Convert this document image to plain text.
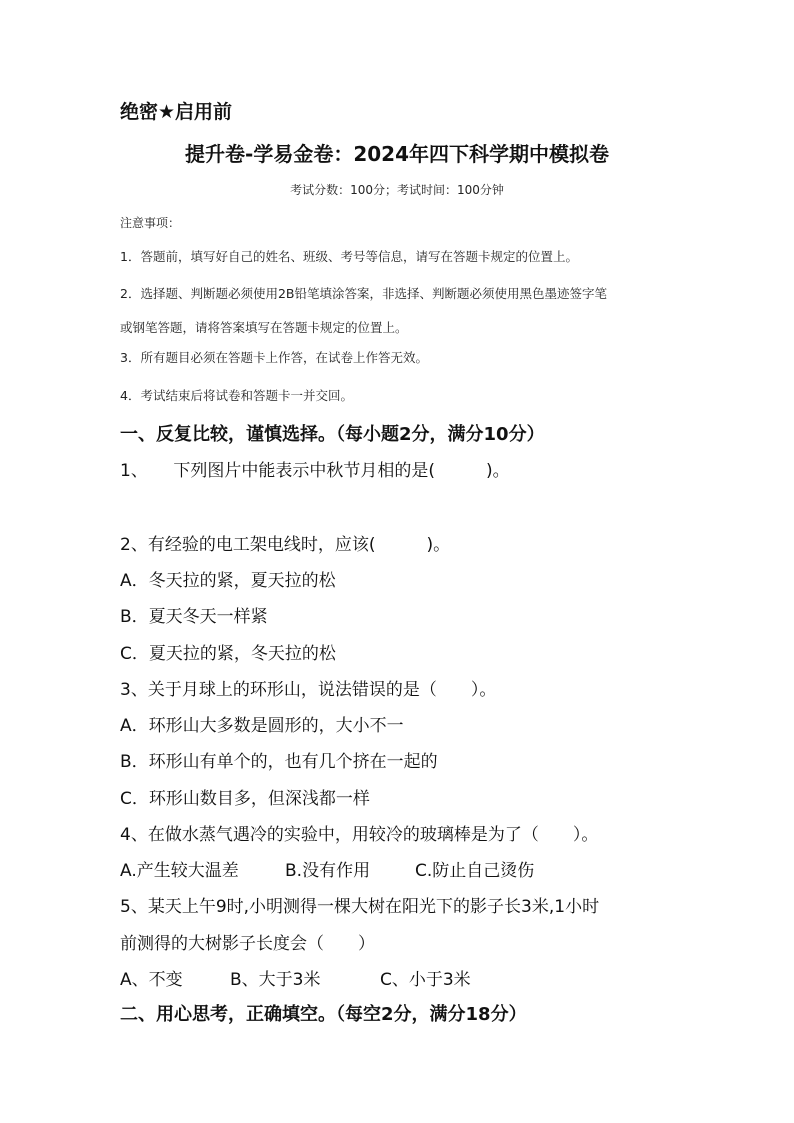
绝密★启用前
提升卷-学易金卷：2024年四下科学期中模拟卷
考试分数：100分；考试时间：100分钟
注意事项：
1．答题前，填写好自己的姓名、班级、考号等信息，请写在答题卡规定的位置上。
2．选择题、判断题必须使用2B铅笔填涂答案，非选择、判断题必须使用黑色墨迹签字笔
或钢笔答题，请将答案填写在答题卡规定的位置上。
3．所有题目必须在答题卡上作答，在试卷上作答无效。
4．考试结束后将试卷和答题卡一并交回。
一、反复比较，谨慎选择。（每小题2分，满分10分）
1、　　下列图片中能表示中秋节月相的是(　　　)。
2、有经验的电工架电线时，应该(　　　)。
A．冬天拉的紧，夏天拉的松
B．夏天冬天一样紧
C．夏天拉的紧，冬天拉的松
3、关于月球上的环形山，说法错误的是（　　）。
A．环形山大多数是圆形的，大小不一
B．环形山有单个的，也有几个挤在一起的
C．环形山数目多，但深浅都一样
4、在做水蒸气遇冷的实验中，用较冷的玻璃棒是为了（　　）。
A.产生较大温差	B.没有作用	C.防止自己烫伤
5、某天上午9时,小明测得一棵大树在阳光下的影子长3米,1小时
前测得的大树影子长度会（　　）
A、不变	B、大于3米	C、小于3米
二、用心思考，正确填空。（每空2分，满分18分）
